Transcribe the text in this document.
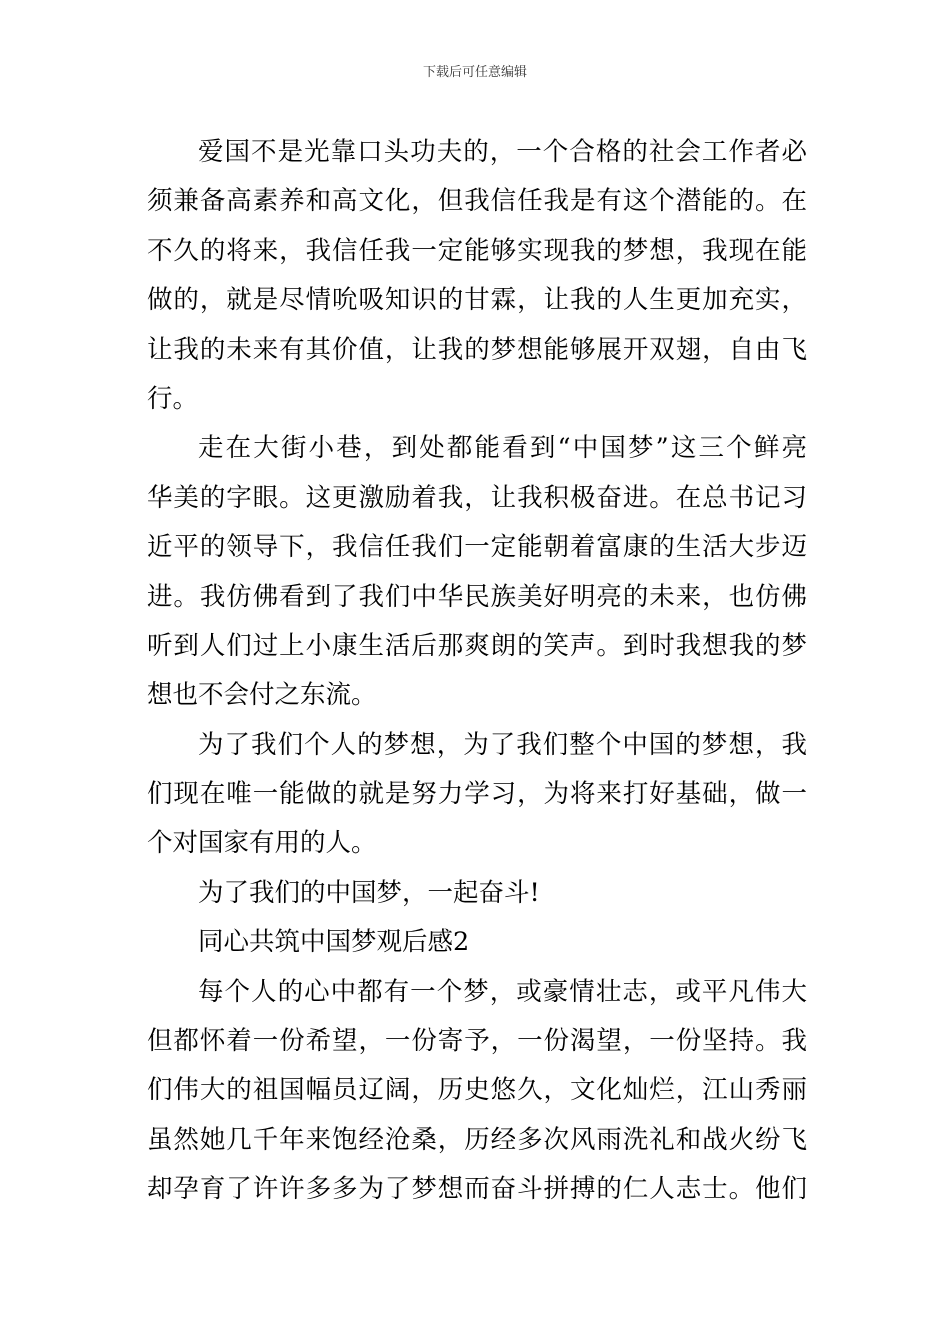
下载后可任意编辑
爱国不是光靠口头功夫的，一个合格的社会工作者必
须兼备高素养和高文化，但我信任我是有这个潜能的。在
不久的将来，我信任我一定能够实现我的梦想，我现在能
做的，就是尽情吮吸知识的甘霖，让我的人生更加充实，
让我的未来有其价值，让我的梦想能够展开双翅，自由飞
行。
走在大街小巷，到处都能看到“中国梦”这三个鲜亮
华美的字眼。这更激励着我，让我积极奋进。在总书记习
近平的领导下，我信任我们一定能朝着富康的生活大步迈
进。我仿佛看到了我们中华民族美好明亮的未来，也仿佛
听到人们过上小康生活后那爽朗的笑声。到时我想我的梦
想也不会付之东流。
为了我们个人的梦想，为了我们整个中国的梦想，我
们现在唯一能做的就是努力学习，为将来打好基础，做一
个对国家有用的人。
为了我们的中国梦，一起奋斗!
同心共筑中国梦观后感2
每个人的心中都有一个梦，或豪情壮志，或平凡伟大
但都怀着一份希望，一份寄予，一份渴望，一份坚持。我
们伟大的祖国幅员辽阔，历史悠久，文化灿烂，江山秀丽
虽然她几千年来饱经沧桑，历经多次风雨洗礼和战火纷飞
却孕育了许许多多为了梦想而奋斗拼搏的仁人志士。他们
